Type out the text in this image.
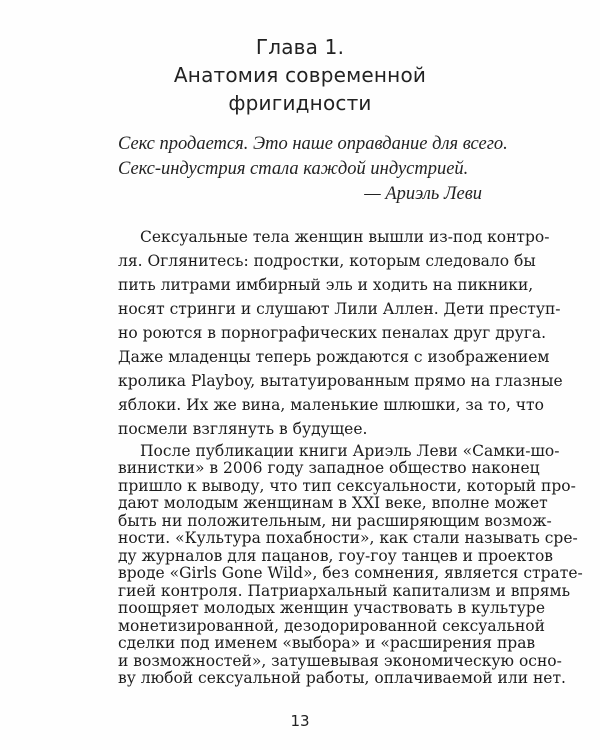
Глава 1.
Анатомия современной
фригидности
Секс продается. Это наше оправдание для всего.
Секс-индустрия стала каждой индустрией.
— Ариэль Леви
Сексуальные тела женщин вышли из-под контро-
ля. Оглянитесь: подростки, которым следовало бы
пить литрами имбирный эль и ходить на пикники,
носят стринги и слушают Лили Аллен. Дети преступ-
но роются в порнографических пеналах друг друга.
Даже младенцы теперь рождаются с изображением
кролика Playboy, вытатуированным прямо на глазные
яблоки. Их же вина, маленькие шлюшки, за то, что
посмели взглянуть в будущее.
После публикации книги Ариэль Леви «Самки-шо-
винистки» в 2006 году западное общество наконец
пришло к выводу, что тип сексуальности, который про-
дают молодым женщинам в XXI веке, вполне может
быть ни положительным, ни расширяющим возмож-
ности. «Культура похабности», как стали называть сре-
ду журналов для пацанов, гоу-гоу танцев и проектов
вроде «Girls Gone Wild», без сомнения, является страте-
гией контроля. Патриархальный капитализм и впрямь
поощряет молодых женщин участвовать в культуре
монетизированной, дезодорированной сексуальной
сделки под именем «выбора» и «расширения прав
и возможностей», затушевывая экономическую осно-
ву любой сексуальной работы, оплачиваемой или нет.
13
